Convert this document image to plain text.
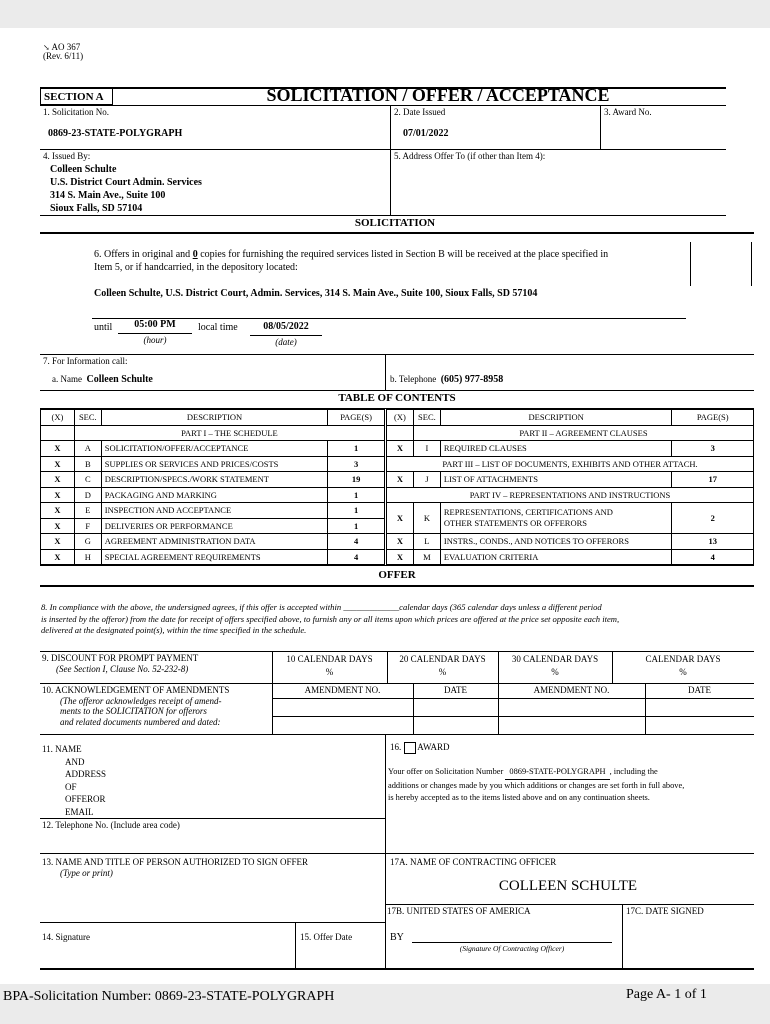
↘ AO 367
(Rev. 6/11)
SECTION A	SOLICITATION / OFFER / ACCEPTANCE
1. Solicitation No.
0869-23-STATE-POLYGRAPH
2. Date Issued
07/01/2022
3. Award No.
4. Issued By:
Colleen Schulte
U.S. District Court Admin. Services
314 S. Main Ave., Suite 100
Sioux Falls, SD 57104
5. Address Offer To (if other than Item 4):
SOLICITATION
6. Offers in original and 0 copies for furnishing the required services listed in Section B will be received at the place specified in
Item 5, or if handcarried, in the depository located:
Colleen Schulte, U.S. District Court, Admin. Services, 314 S. Main Ave., Suite 100, Sioux Falls, SD 57104
until	05:00 PM
(hour)
local time	08/05/2022
(date)
7. For Information call:
a. Name Colleen Schulte	b. Telephone (605) 977-8958
TABLE OF CONTENTS
(X)	SEC.	DESCRIPTION	PAGE(S)
	PART I – THE SCHEDULE		
X	A	SOLICITATION/OFFER/ACCEPTANCE	1
X	B	SUPPLIES OR SERVICES AND PRICES/COSTS	3
X	C	DESCRIPTION/SPECS./WORK STATEMENT	19
X	D	PACKAGING AND MARKING	1
X	E	INSPECTION AND ACCEPTANCE	1
X	F	DELIVERIES OR PERFORMANCE	1
X	G	AGREEMENT ADMINISTRATION DATA	4
X	H	SPECIAL AGREEMENT REQUIREMENTS	4
(X)	SEC.	DESCRIPTION	PAGE(S)
	PART II – AGREEMENT CLAUSES		
X	I	REQUIRED CLAUSES	3
PART III – LIST OF DOCUMENTS, EXHIBITS AND OTHER ATTACH.			
X	J	LIST OF ATTACHMENTS	17
PART IV – REPRESENTATIONS AND INSTRUCTIONS			
X	K	REPRESENTATIONS, CERTIFICATIONS AND
OTHER STATEMENTS OR OFFERORS	2
X	L	INSTRS., CONDS., AND NOTICES TO OFFERORS	13
X	M	EVALUATION CRITERIA	4
OFFER
8. In compliance with the above, the undersigned agrees, if this offer is accepted within _____________calendar days (365 calendar days unless a different period
is inserted by the offeror) from the date for receipt of offers specified above, to furnish any or all items upon which prices are offered at the price set opposite each item,
delivered at the designated point(s), within the time specified in the schedule.
9. DISCOUNT FOR PROMPT PAYMENT
(See Section I, Clause No. 52-232-8)
10 CALENDAR DAYS
%
20 CALENDAR DAYS
%
30 CALENDAR DAYS
%
CALENDAR DAYS
%
10. ACKNOWLEDGEMENT OF AMENDMENTS
(The offeror acknowledges receipt of amend-
ments to the SOLICITATION for offerors
and related documents numbered and dated:
AMENDMENT NO.	DATE	AMENDMENT NO.	DATE
11. NAME
AND
ADDRESS
OF
OFFEROR
EMAIL
12. Telephone No. (Include area code)
16. AWARD
Your offer on Solicitation Number 0869-STATE-POLYGRAPH , including the
additions or changes made by you which additions or changes are set forth in full above,
is hereby accepted as to the items listed above and on any continuation sheets.
13. NAME AND TITLE OF PERSON AUTHORIZED TO SIGN OFFER
(Type or print)
17A. NAME OF CONTRACTING OFFICER
COLLEEN SCHULTE
17B. UNITED STATES OF AMERICA	17C. DATE SIGNED
14. Signature	15. Offer Date	BY
(Signature Of Contracting Officer)
BPA-Solicitation Number: 0869-23-STATE-POLYGRAPH	Page A- 1 of 1
